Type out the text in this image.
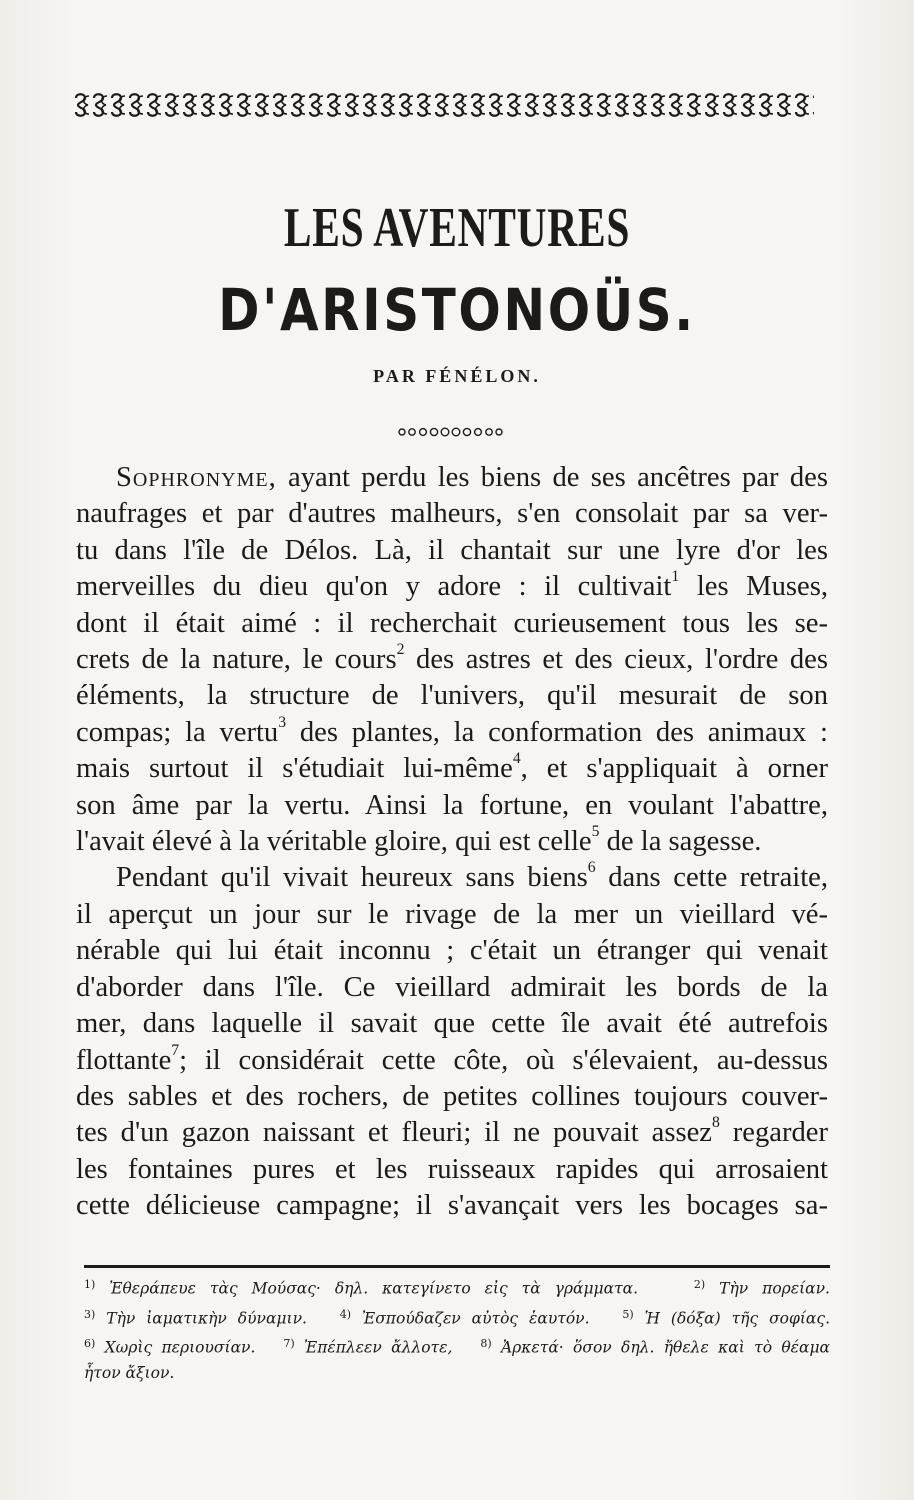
LES AVENTURES
D'ARISTONOÜS.
PAR FÉNÉLON.

Sophronyme, ayant perdu les biens de ses ancêtres par des
naufrages et par d'autres malheurs, s'en consolait par sa ver-
tu dans l'île de Délos. Là, il chantait sur une lyre d'or les
merveilles du dieu qu'on y adore : il cultivait$^1$ les Muses,
dont il était aimé : il recherchait curieusement tous les se-
crets de la nature, le cours$^2$ des astres et des cieux, l'ordre des
éléments, la structure de l'univers, qu'il mesurait de son
compas; la vertu$^3$ des plantes, la conformation des animaux :
mais surtout il s'étudiait lui-même$^4$, et s'appliquait à orner
son âme par la vertu. Ainsi la fortune, en voulant l'abattre,
l'avait élevé à la véritable gloire, qui est celle$^5$ de la sagesse.

Pendant qu'il vivait heureux sans biens$^6$ dans cette retraite,
il aperçut un jour sur le rivage de la mer un vieillard vé-
nérable qui lui était inconnu ; c'était un étranger qui venait
d'aborder dans l'île. Ce vieillard admirait les bords de la
mer, dans laquelle il savait que cette île avait été autrefois
flottante$^7$; il considérait cette côte, où s'élevaient, au-dessus
des sables et des rochers, de petites collines toujours couver-
tes d'un gazon naissant et fleuri; il ne pouvait assez$^8$ regarder
les fontaines pures et les ruisseaux rapides qui arrosaient
cette délicieuse campagne; il s'avançait vers les bocages sa-

$^{1)}$ Ἐθεράπευε τὰς Μούσας· δηλ. κατεγίνετο εἰς τὰ γράμματα.	$^{2)}$ Τὴν πορείαν.
$^{3)}$ Τὴν ἰαματικὴν δύναμιν.	$^{4)}$ Ἐσπούδαζεν αὐτὸς ἑαυτόν.	$^{5)}$ Ἡ (δόξα) τῆς σοφίας.
$^{6)}$ Χωρὶς περιουσίαν.	$^{7)}$ Ἐπέπλεεν ἄλλοτε,	$^{8)}$ Ἀρκετά· ὅσον δηλ. ἤθελε καὶ τὸ θέαμα
ἧτον ἄξιον.
